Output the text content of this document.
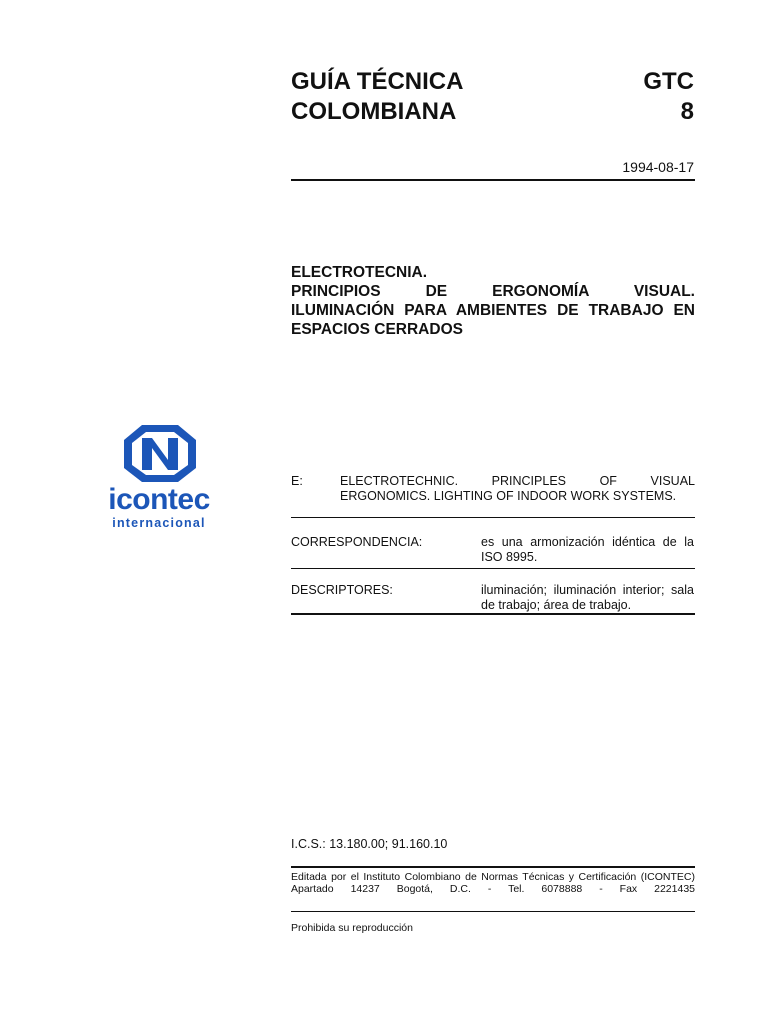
GUÍA TÉCNICA
COLOMBIANA
GTC
8
1994-08-17
ELECTROTECNIA.
PRINCIPIOS DE ERGONOMÍA VISUAL.
ILUMINACIÓN PARA AMBIENTES DE TRABAJO EN
ESPACIOS CERRADOS
icontec
internacional
E:	ELECTROTECHNIC. PRINCIPLES OF VISUAL
ERGONOMICS. LIGHTING OF INDOOR WORK SYSTEMS.
CORRESPONDENCIA:	es una armonización idéntica de la
ISO 8995.
DESCRIPTORES:	iluminación; iluminación interior; sala
de trabajo; área de trabajo.
I.C.S.: 13.180.00; 91.160.10
Editada por el Instituto Colombiano de Normas Técnicas y Certificación (ICONTEC)
Apartado 14237 Bogotá, D.C. - Tel. 6078888 - Fax 2221435
Prohibida su reproducción
